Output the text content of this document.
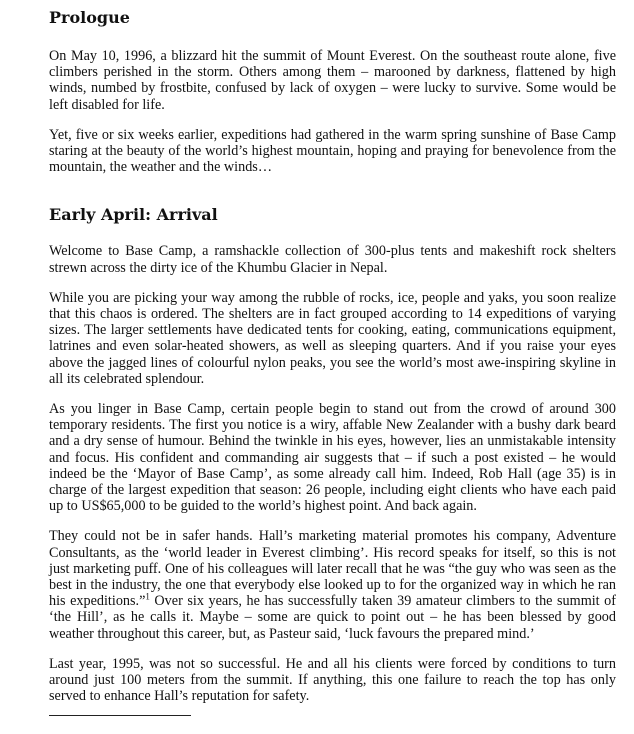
Prologue

On May 10, 1996, a blizzard hit the summit of Mount Everest. On the southeast route alone, five climbers perished in the storm. Others among them – marooned by darkness, flattened by high winds, numbed by frostbite, confused by lack of oxygen – were lucky to survive. Some would be left disabled for life.

Yet, five or six weeks earlier, expeditions had gathered in the warm spring sunshine of Base Camp staring at the beauty of the world’s highest mountain, hoping and praying for benevolence from the mountain, the weather and the winds…

Early April: Arrival

Welcome to Base Camp, a ramshackle collection of 300-plus tents and makeshift rock shelters strewn across the dirty ice of the Khumbu Glacier in Nepal.

While you are picking your way among the rubble of rocks, ice, people and yaks, you soon realize that this chaos is ordered. The shelters are in fact grouped according to 14 expeditions of varying sizes. The larger settlements have dedicated tents for cooking, eating, communications equipment, latrines and even solar-heated showers, as well as sleeping quarters. And if you raise your eyes above the jagged lines of colourful nylon peaks, you see the world’s most awe-inspiring skyline in all its celebrated splendour.

As you linger in Base Camp, certain people begin to stand out from the crowd of around 300 temporary residents. The first you notice is a wiry, affable New Zealander with a bushy dark beard and a dry sense of humour. Behind the twinkle in his eyes, however, lies an unmistakable intensity and focus. His confident and commanding air suggests that – if such a post existed – he would indeed be the ‘Mayor of Base Camp’, as some already call him. Indeed, Rob Hall (age 35) is in charge of the largest expedition that season: 26 people, including eight clients who have each paid up to US$65,000 to be guided to the world’s highest point. And back again.

They could not be in safer hands. Hall’s marketing material promotes his company, Adventure Consultants, as the ‘world leader in Everest climbing’. His record speaks for itself, so this is not just marketing puff. One of his colleagues will later recall that he was “the guy who was seen as the best in the industry, the one that everybody else looked up to for the organized way in which he ran his expeditions.”$^1$ Over six years, he has successfully taken 39 amateur climbers to the summit of ‘the Hill’, as he calls it. Maybe – some are quick to point out – he has been blessed by good weather throughout this career, but, as Pasteur said, ‘luck favours the prepared mind.’

Last year, 1995, was not so successful. He and all his clients were forced by conditions to turn around just 100 meters from the summit. If anything, this one failure to reach the top has only served to enhance Hall’s reputation for safety.
